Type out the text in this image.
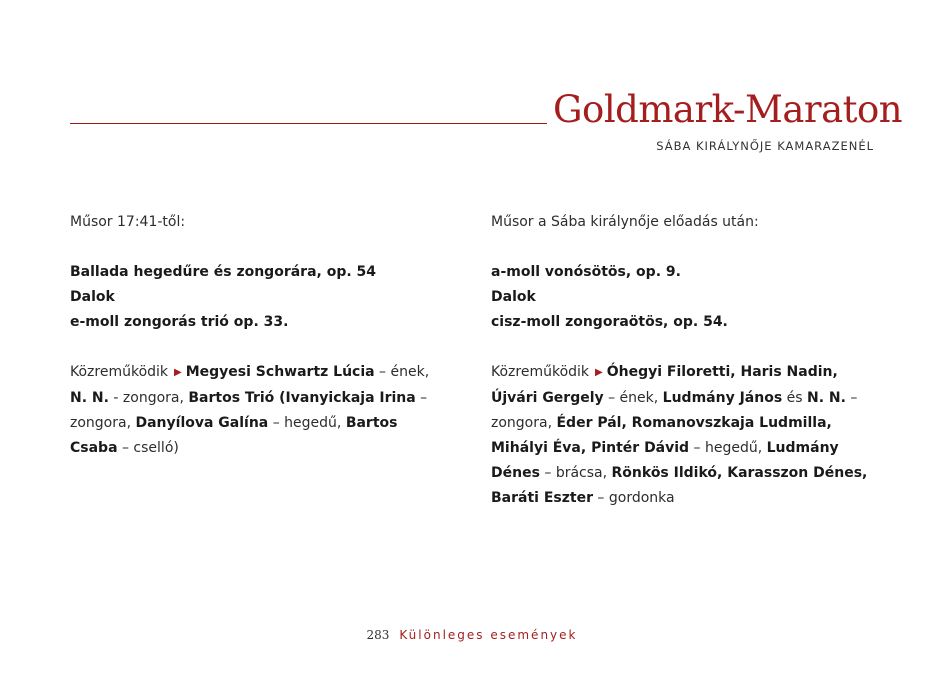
Goldmark-Maraton
SÁBA KIRÁLYNŐJE KAMARAZENÉL

Műsor 17:41-től:

Ballada hegedűre és zongorára, op. 54

Dalok

e-moll zongorás trió op. 33.

Közreműködik ▶ Megyesi Schwartz Lúcia – ének, N. N. - zongora, Bartos Trió (Ivanyickaja Irina – zongora, Danyílova Galína – hegedű, Bartos Csaba – cselló)

Műsor a Sába királynője előadás után:

a-moll vonósötös, op. 9.

Dalok

cisz-moll zongoraötös, op. 54.

Közreműködik ▶ Óhegyi Filoretti, Haris Nadin, Újvári Gergely – ének, Ludmány János és N. N. – zongora, Éder Pál, Romanovszkaja Ludmilla, Mihályi Éva, Pintér Dávid – hegedű, Ludmány Dénes – brácsa, Rönkös Ildikó, Karasszon Dénes, Baráti Eszter – gordonka

283 Különleges események
